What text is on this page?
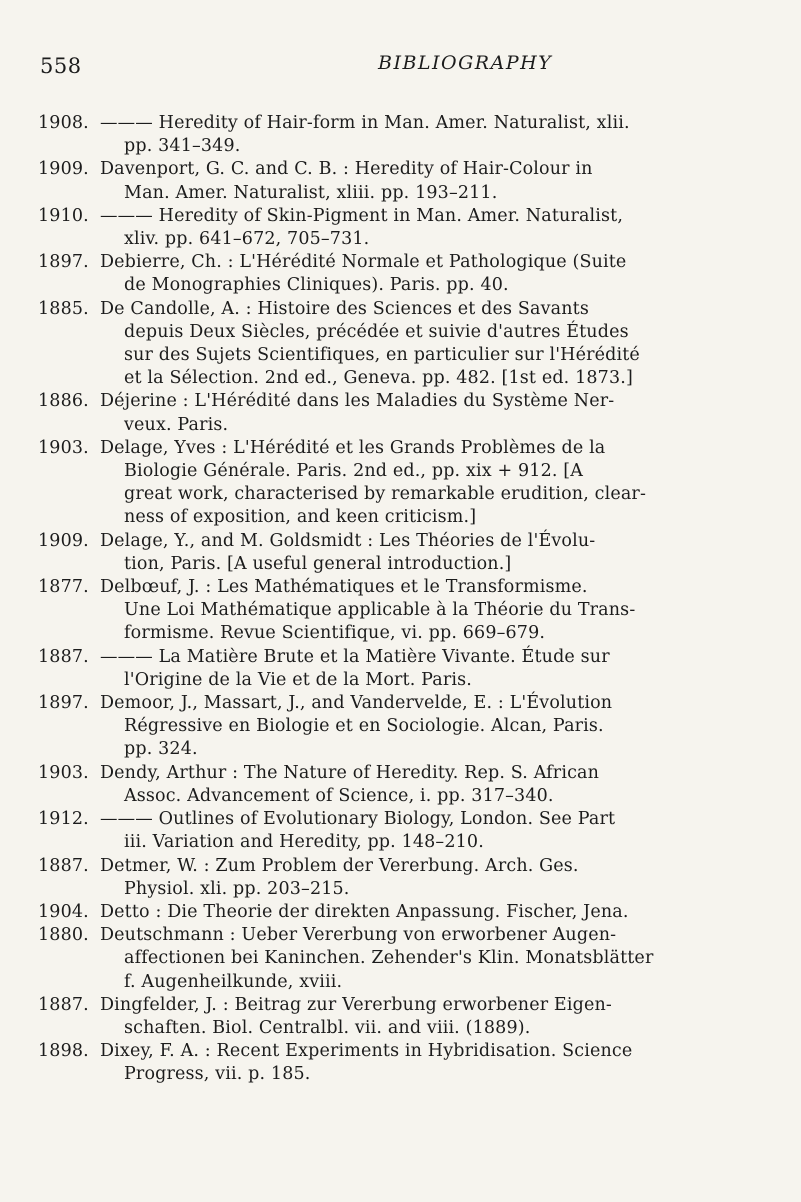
558	BIBLIOGRAPHY
1908. ——— Heredity of Hair-form in Man. Amer. Naturalist, xlii.
pp. 341–349.
1909. Davenport, G. C. and C. B. : Heredity of Hair-Colour in
Man. Amer. Naturalist, xliii. pp. 193–211.
1910. ——— Heredity of Skin-Pigment in Man. Amer. Naturalist,
xliv. pp. 641–672, 705–731.
1897. Debierre, Ch. : L'Hérédité Normale et Pathologique (Suite
de Monographies Cliniques). Paris. pp. 40.
1885. De Candolle, A. : Histoire des Sciences et des Savants
depuis Deux Siècles, précédée et suivie d'autres Études
sur des Sujets Scientifiques, en particulier sur l'Hérédité
et la Sélection. 2nd ed., Geneva. pp. 482. [1st ed. 1873.]
1886. Déjerine : L'Hérédité dans les Maladies du Système Ner-
veux. Paris.
1903. Delage, Yves : L'Hérédité et les Grands Problèmes de la
Biologie Générale. Paris. 2nd ed., pp. xix + 912. [A
great work, characterised by remarkable erudition, clear-
ness of exposition, and keen criticism.]
1909. Delage, Y., and M. Goldsmidt : Les Théories de l'Évolu-
tion, Paris. [A useful general introduction.]
1877. Delbœuf, J. : Les Mathématiques et le Transformisme.
Une Loi Mathématique applicable à la Théorie du Trans-
formisme. Revue Scientifique, vi. pp. 669–679.
1887. ——— La Matière Brute et la Matière Vivante. Étude sur
l'Origine de la Vie et de la Mort. Paris.
1897. Demoor, J., Massart, J., and Vandervelde, E. : L'Évolution
Régressive en Biologie et en Sociologie. Alcan, Paris.
pp. 324.
1903. Dendy, Arthur : The Nature of Heredity. Rep. S. African
Assoc. Advancement of Science, i. pp. 317–340.
1912. ——— Outlines of Evolutionary Biology, London. See Part
iii. Variation and Heredity, pp. 148–210.
1887. Detmer, W. : Zum Problem der Vererbung. Arch. Ges.
Physiol. xli. pp. 203–215.
1904. Detto : Die Theorie der direkten Anpassung. Fischer, Jena.
1880. Deutschmann : Ueber Vererbung von erworbener Augen-
affectionen bei Kaninchen. Zehender's Klin. Monatsblätter
f. Augenheilkunde, xviii.
1887. Dingfelder, J. : Beitrag zur Vererbung erworbener Eigen-
schaften. Biol. Centralbl. vii. and viii. (1889).
1898. Dixey, F. A. : Recent Experiments in Hybridisation. Science
Progress, vii. p. 185.
